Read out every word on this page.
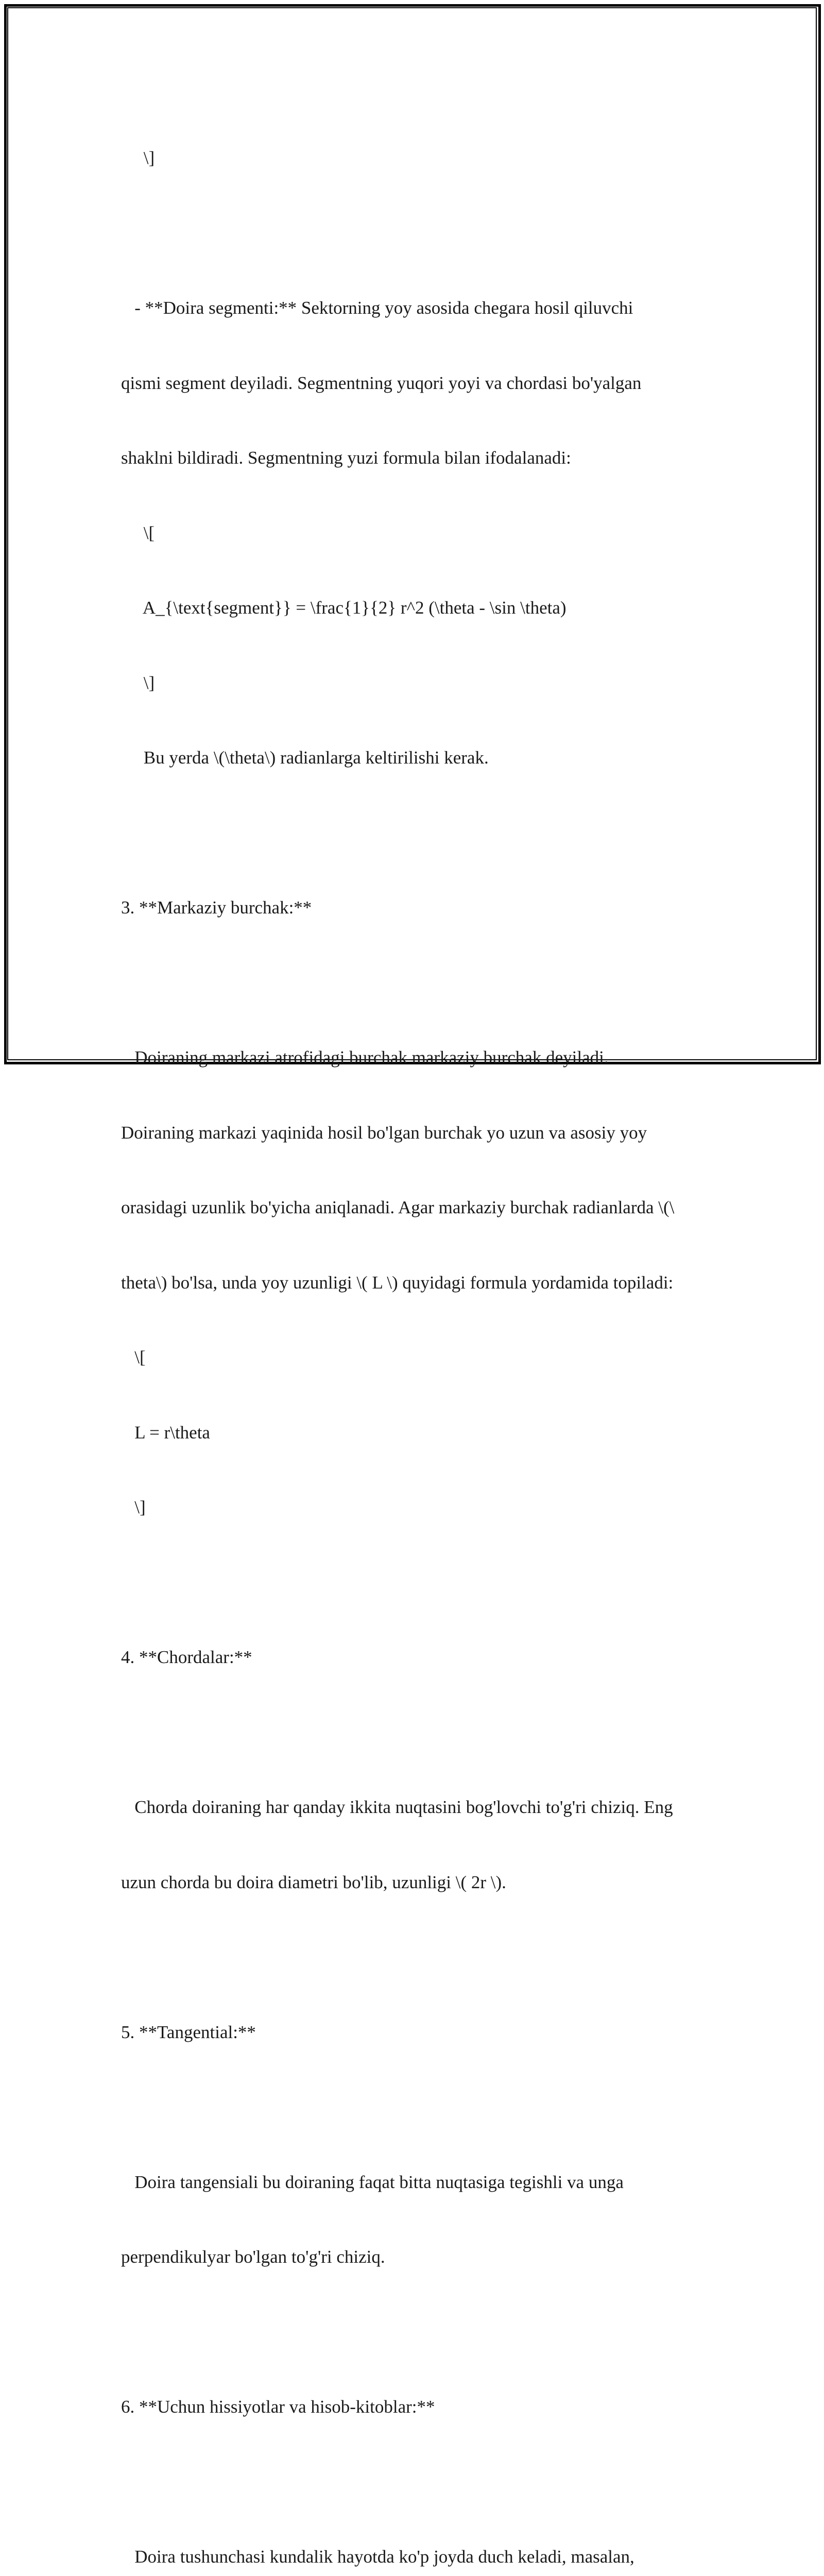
\]

- **Doira segmenti:** Sektorning yoy asosida chegara hosil qiluvchi

qismi segment deyiladi. Segmentning yuqori yoyi va chordasi bo'yalgan

shaklni bildiradi. Segmentning yuzi formula bilan ifodalanadi:

\[

A_{\text{segment}} = \frac{1}{2} r^2 (\theta - \sin \theta)

\]

Bu yerda \(\theta\) radianlarga keltirilishi kerak.

3. **Markaziy burchak:**

Doiraning markazi atrofidagi burchak markaziy burchak deyiladi.

Doiraning markazi yaqinida hosil bo'lgan burchak yo uzun va asosiy yoy

orasidagi uzunlik bo'yicha aniqlanadi. Agar markaziy burchak radianlarda \(\

theta\) bo'lsa, unda yoy uzunligi \( L \) quyidagi formula yordamida topiladi:

\[

L = r\theta

\]

4. **Chordalar:**

Chorda doiraning har qanday ikkita nuqtasini bog'lovchi to'g'ri chiziq. Eng

uzun chorda bu doira diametri bo'lib, uzunligi \( 2r \).

5. **Tangential:**

Doira tangensiali bu doiraning faqat bitta nuqtasiga tegishli va unga

perpendikulyar bo'lgan to'g'ri chiziq.

6. **Uchun hissiyotlar va hisob-kitoblar:**

Doira tushunchasi kundalik hayotda ko'p joyda duch keladi, masalan,
